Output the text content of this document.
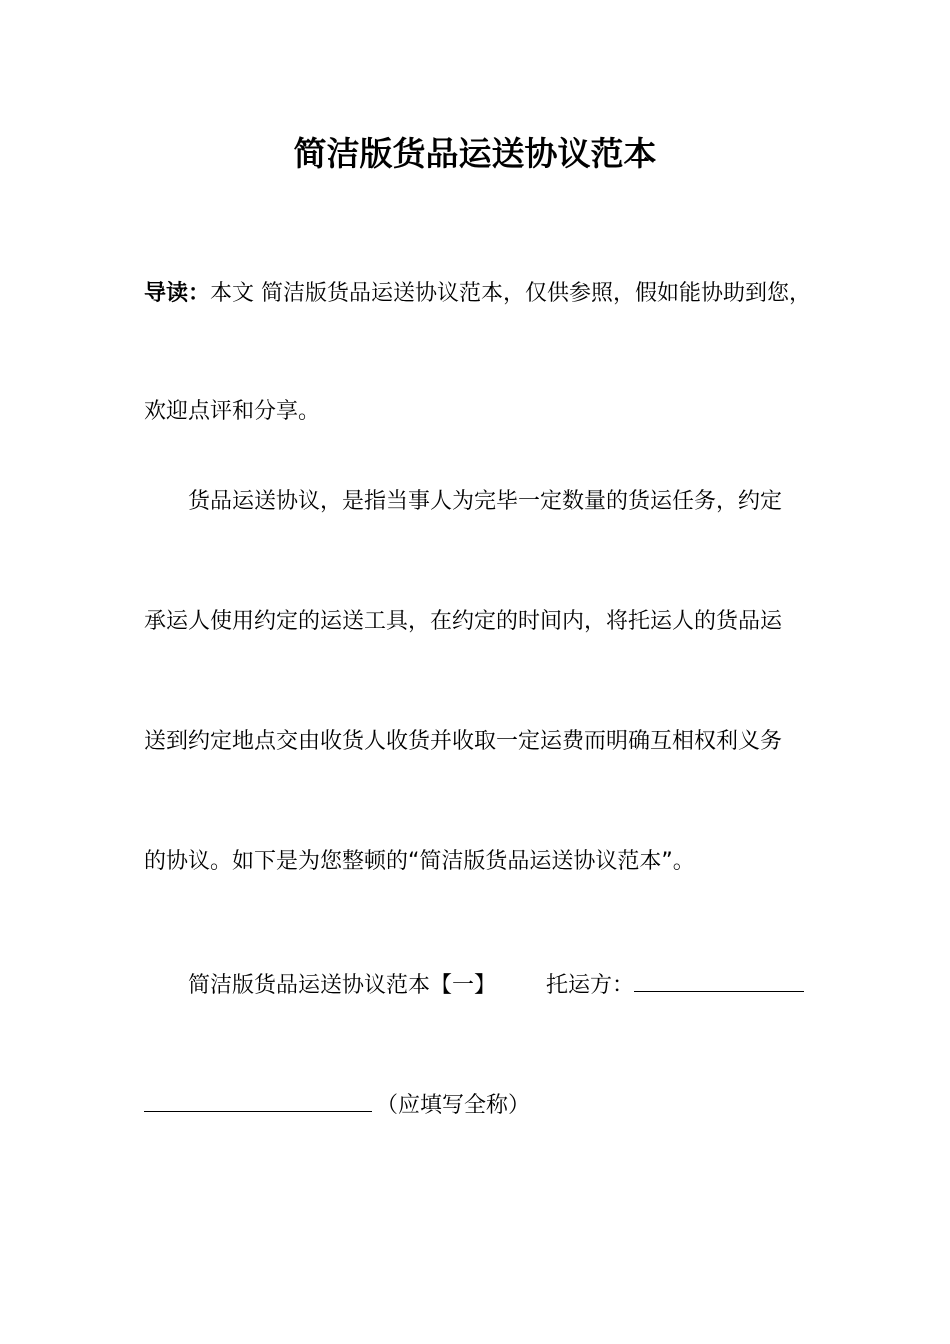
简洁版货品运送协议范本
导读：本文 简洁版货品运送协议范本，仅供参照，假如能协助到您，
欢迎点评和分享。
货品运送协议，是指当事人为完毕一定数量的货运任务，约定
承运人使用约定的运送工具，在约定的时间内，将托运人的货品运
送到约定地点交由收货人收货并收取一定运费而明确互相权利义务
的协议。如下是为您整顿的“简洁版货品运送协议范本”。
简洁版货品运送协议范本【一】 托运方：
（应填写全称）
